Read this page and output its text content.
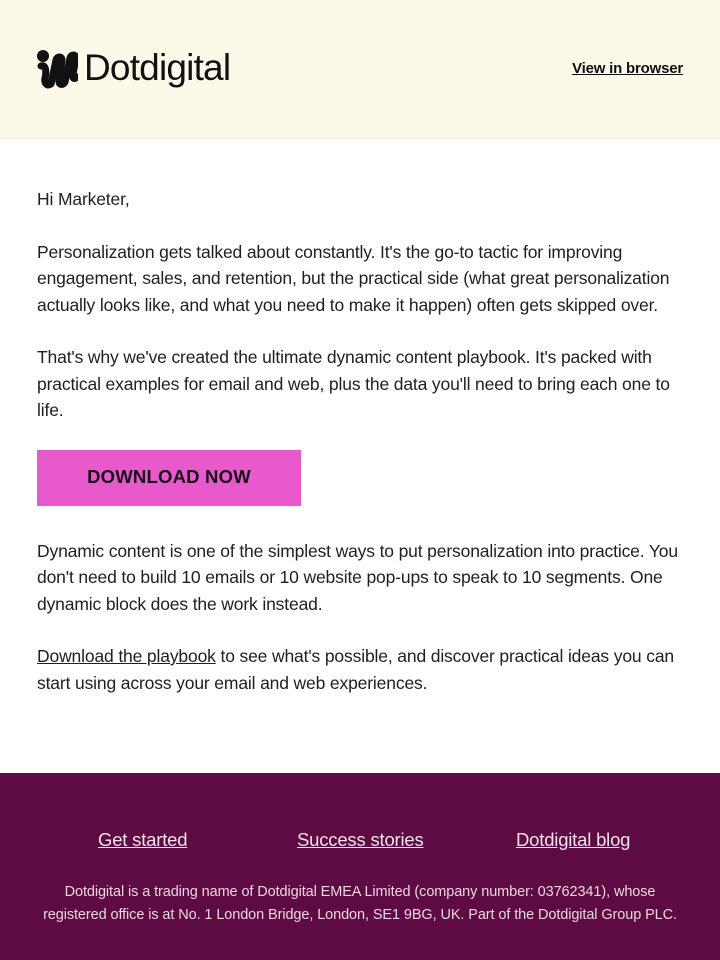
Dotdigital	View in browser

Hi Marketer,

Personalization gets talked about constantly. It's the go-to tactic for improving engagement, sales, and retention, but the practical side (what great personalization actually looks like, and what you need to make it happen) often gets skipped over.

That's why we've created the ultimate dynamic content playbook. It's packed with practical examples for email and web, plus the data you'll need to bring each one to life.

DOWNLOAD NOW

Dynamic content is one of the simplest ways to put personalization into practice. You don't need to build 10 emails or 10 website pop-ups to speak to 10 segments. One dynamic block does the work instead.

Download the playbook to see what's possible, and discover practical ideas you can start using across your email and web experiences.

Get started	Success stories	Dotdigital blog
Dotdigital is a trading name of Dotdigital EMEA Limited (company number: 03762341), whose registered office is at No. 1 London Bridge, London, SE1 9BG, UK. Part of the Dotdigital Group PLC.
